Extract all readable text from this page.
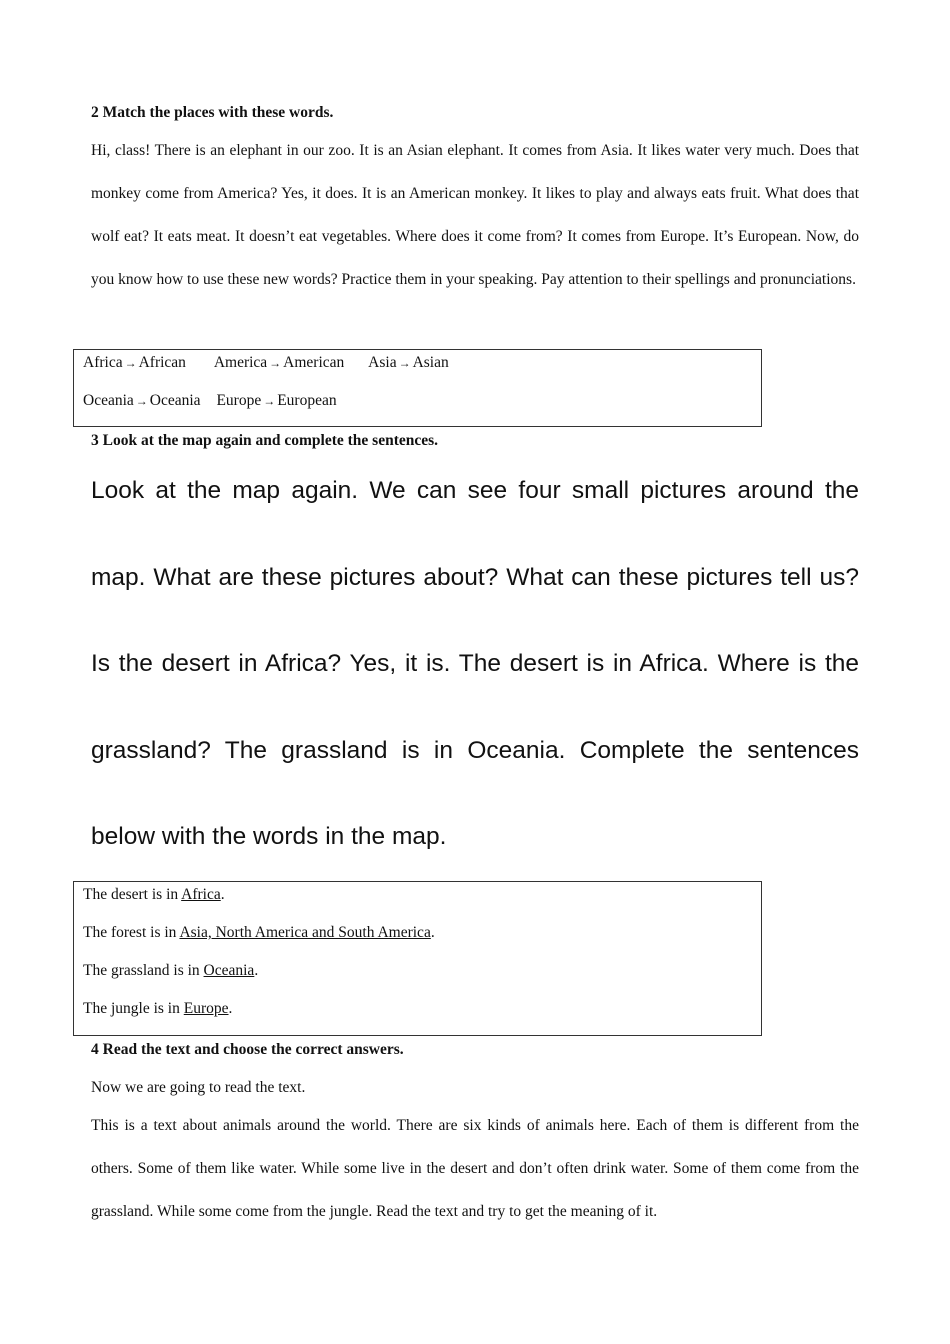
2 Match the places with these words.

Hi, class! There is an elephant in our zoo. It is an Asian elephant. It comes from Asia. It likes water very much. Does that monkey come from America? Yes, it does. It is an American monkey. It likes to play and always eats fruit. What does that wolf eat? It eats meat. It doesn’t eat vegetables. Where does it come from? It comes from Europe. It’s European. Now, do you know how to use these new words? Practice them in your speaking. Pay attention to their spellings and pronunciations.

Africa → African America → American Asia → Asian
Oceania → Oceania Europe → European
3 Look at the map again and complete the sentences.

Look at the map again. We can see four small pictures around the map. What are these pictures about? What can these pictures tell us? Is the desert in Africa? Yes, it is. The desert is in Africa. Where is the grassland? The grassland is in Oceania. Complete the sentences below with the words in the map.

The desert is in Africa.
The forest is in Asia, North America and South America.
The grassland is in Oceania.
The jungle is in Europe.
4 Read the text and choose the correct answers.
Now we are going to read the text.

This is a text about animals around the world. There are six kinds of animals here. Each of them is different from the others. Some of them like water. While some live in the desert and don’t often drink water. Some of them come from the grassland. While some come from the jungle. Read the text and try to get the meaning of it.
